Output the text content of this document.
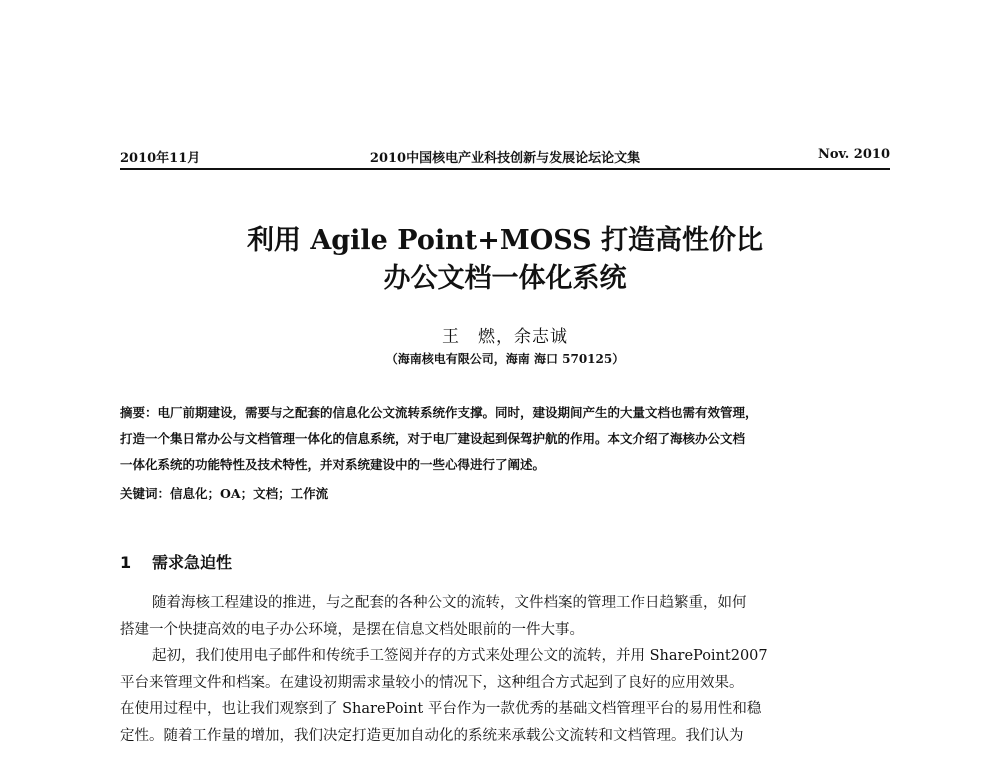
2010年11月	2010中国核电产业科技创新与发展论坛论文集	Nov. 2010
利用 Agile Point+MOSS 打造高性价比
办公文档一体化系统
王　燃，余志诚
（海南核电有限公司，海南 海口 570125）
摘要：电厂前期建设，需要与之配套的信息化公文流转系统作支撑。同时，建设期间产生的大量文档也需有效管理，
打造一个集日常办公与文档管理一体化的信息系统，对于电厂建设起到保驾护航的作用。本文介绍了海核办公文档
一体化系统的功能特性及技术特性，并对系统建设中的一些心得进行了阐述。
关键词：信息化；OA；文档；工作流
1 需求急迫性
随着海核工程建设的推进，与之配套的各种公文的流转，文件档案的管理工作日趋繁重，如何
搭建一个快捷高效的电子办公环境，是摆在信息文档处眼前的一件大事。
起初，我们使用电子邮件和传统手工签阅并存的方式来处理公文的流转，并用 SharePoint2007
平台来管理文件和档案。在建设初期需求量较小的情况下，这种组合方式起到了良好的应用效果。
在使用过程中，也让我们观察到了 SharePoint 平台作为一款优秀的基础文档管理平台的易用性和稳
定性。随着工作量的增加，我们决定打造更加自动化的系统来承载公文流转和文档管理。我们认为
